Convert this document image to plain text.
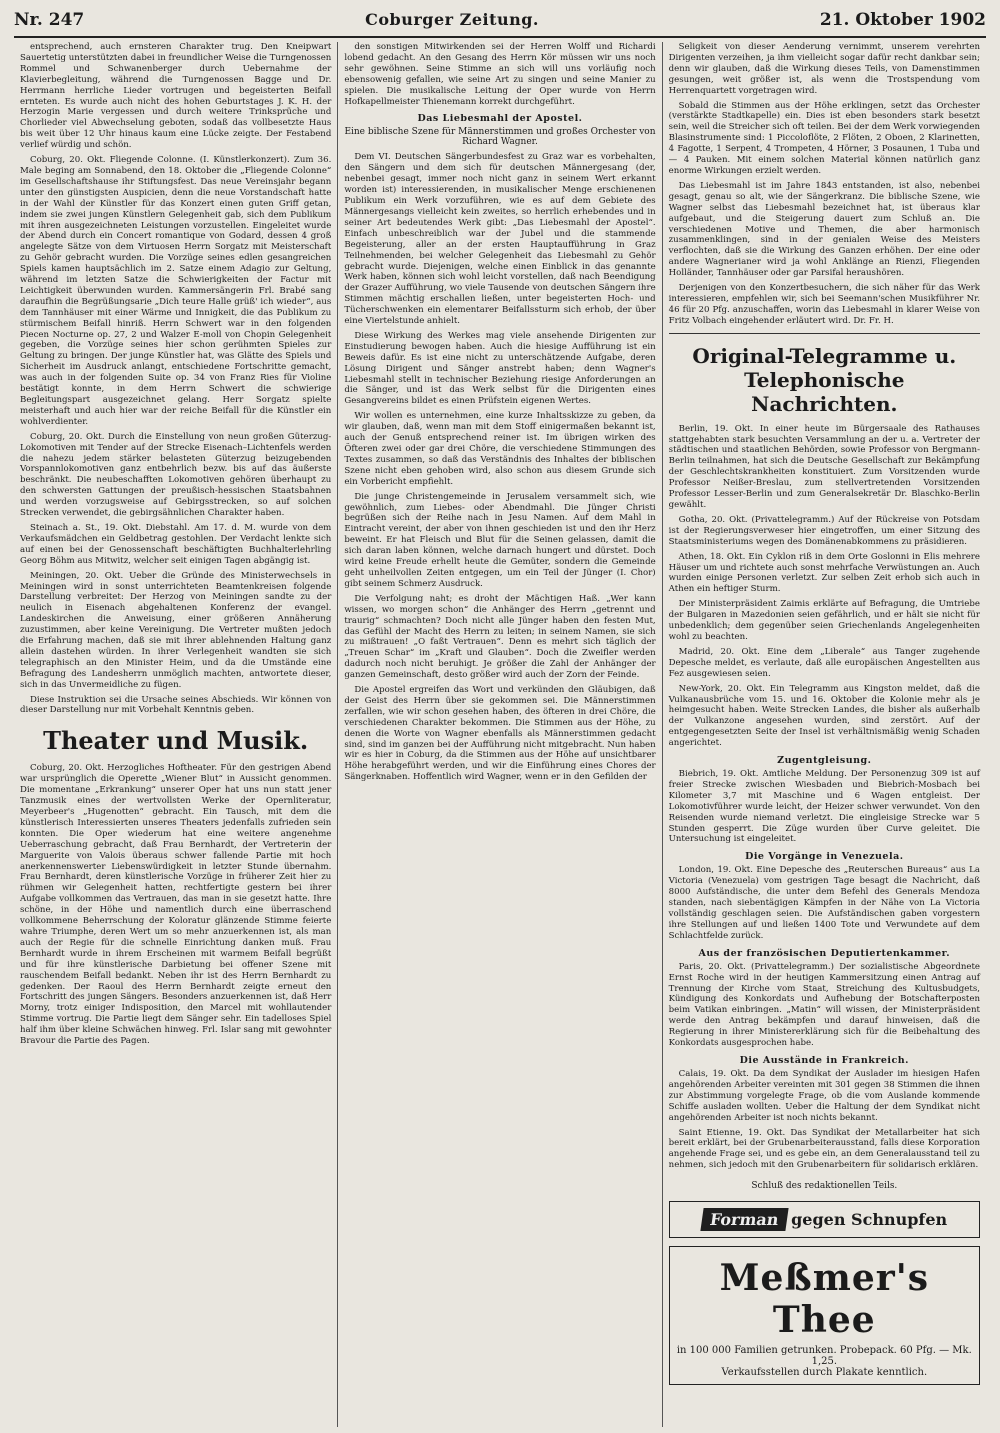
Nr. 247	Coburger Zeitung.	21. Oktober 1902

entsprechend, auch ernsteren Charakter trug. Den Kneipwart Sauertetig unterstützten dabei in freundlicher Weise die Turngenossen Rommel und Schwanenberger durch Uebernahme der Klavierbegleitung, während die Turngenossen Bagge und Dr. Herrmann herrliche Lieder vortrugen und begeisterten Beifall ernteten. Es wurde auch nicht des hohen Geburtstages J. K. H. der Herzogin Marie vergessen und durch weitere Trinksprüche und Chorlieder viel Abwechselung geboten, sodaß das vollbesetzte Haus bis weit über 12 Uhr hinaus kaum eine Lücke zeigte. Der Festabend verlief würdig und schön.

Coburg, 20. Okt. Fliegende Colonne. (I. Künstlerkonzert). Zum 36. Male beging am Sonnabend, den 18. Oktober die „Fliegende Colonne“ im Gesellschaftshause ihr Stiftungsfest. Das neue Vereinsjahr begann unter den günstigsten Auspicien, denn die neue Vorstandschaft hatte in der Wahl der Künstler für das Konzert einen guten Griff getan, indem sie zwei jungen Künstlern Gelegenheit gab, sich dem Publikum mit ihren ausgezeichneten Leistungen vorzustellen. Eingeleitet wurde der Abend durch ein Concert romantique von Godard, dessen 4 groß angelegte Sätze von dem Virtuosen Herrn Sorgatz mit Meisterschaft zu Gehör gebracht wurden. Die Vorzüge seines edlen gesangreichen Spiels kamen hauptsächlich im 2. Satze einem Adagio zur Geltung, während im letzten Satze die Schwierigkeiten der Factur mit Leichtigkeit überwunden wurden. Kammersängerin Frl. Brabé sang daraufhin die Begrüßungsarie „Dich teure Halle grüß' ich wieder“, aus dem Tannhäuser mit einer Wärme und Innigkeit, die das Publikum zu stürmischem Beifall hinriß. Herrn Schwert war in den folgenden Piecen Nocturne op. 27, 2 und Walzer E-moll von Chopin Gelegenheit gegeben, die Vorzüge seines hier schon gerühmten Spieles zur Geltung zu bringen. Der junge Künstler hat, was Glätte des Spiels und Sicherheit im Ausdruck anlangt, entschiedene Fortschritte gemacht, was auch in der folgenden Suite op. 34 von Franz Ries für Violine bestätigt konnte, in dem Herrn Schwert die schwierige Begleitungspart ausgezeichnet gelang. Herr Sorgatz spielte meisterhaft und auch hier war der reiche Beifall für die Künstler ein wohlverdienter.

Coburg, 20. Okt. Durch die Einstellung von neun großen Güterzug-Lokomotiven mit Tender auf der Strecke Eisenach–Lichtenfels werden die nahezu jedem stärker belasteten Güterzug beizugebenden Vorspannlokomotiven ganz entbehrlich bezw. bis auf das äußerste beschränkt. Die neubeschafften Lokomotiven gehören überhaupt zu den schwersten Gattungen der preußisch-hessischen Staatsbahnen und werden vorzugsweise auf Gebirgsstrecken, so auf solchen Strecken verwendet, die gebirgsähnlichen Charakter haben.

Steinach a. St., 19. Okt. Diebstahl. Am 17. d. M. wurde von dem Verkaufsmädchen ein Geldbetrag gestohlen. Der Verdacht lenkte sich auf einen bei der Genossenschaft beschäftigten Buchhalterlehrling Georg Böhm aus Mitwitz, welcher seit einigen Tagen abgängig ist.

Meiningen, 20. Okt. Ueber die Gründe des Ministerwechsels in Meiningen wird in sonst unterrichteten Beamtenkreisen folgende Darstellung verbreitet: Der Herzog von Meiningen sandte zu der neulich in Eisenach abgehaltenen Konferenz der evangel. Landeskirchen die Anweisung, einer größeren Annäherung zuzustimmen, aber keine Vereinigung. Die Vertreter mußten jedoch die Erfahrung machen, daß sie mit ihrer ablehnenden Haltung ganz allein dastehen würden. In ihrer Verlegenheit wandten sie sich telegraphisch an den Minister Heim, und da die Umstände eine Befragung des Landesherrn unmöglich machten, antwortete dieser, sich in das Unvermeidliche zu fügen.

Diese Instruktion sei die Ursache seines Abschieds. Wir können von dieser Darstellung nur mit Vorbehalt Kenntnis geben.

Theater und Musik.

Coburg, 20. Okt. Herzogliches Hoftheater. Für den gestrigen Abend war ursprünglich die Operette „Wiener Blut“ in Aussicht genommen. Die momentane „Erkrankung“ unserer Oper hat uns nun statt jener Tanzmusik eines der wertvollsten Werke der Opernliteratur, Meyerbeer's „Hugenotten“ gebracht. Ein Tausch, mit dem die künstlerisch Interessierten unseres Theaters jedenfalls zufrieden sein konnten. Die Oper wiederum hat eine weitere angenehme Ueberraschung gebracht, daß Frau Bernhardt, der Vertreterin der Marguerite von Valois überaus schwer fallende Partie mit hoch anerkennenswerter Liebenswürdigkeit in letzter Stunde übernahm. Frau Bernhardt, deren künstlerische Vorzüge in früherer Zeit hier zu rühmen wir Gelegenheit hatten, rechtfertigte gestern bei ihrer Aufgabe vollkommen das Vertrauen, das man in sie gesetzt hatte. Ihre schöne, in der Höhe und namentlich durch eine überraschend vollkommene Beherrschung der Koloratur glänzende Stimme feierte wahre Triumphe, deren Wert um so mehr anzuerkennen ist, als man auch der Regie für die schnelle Einrichtung danken muß. Frau Bernhardt wurde in ihrem Erscheinen mit warmem Beifall begrüßt und für ihre künstlerische Darbietung bei offener Szene mit rauschendem Beifall bedankt. Neben ihr ist des Herrn Bernhardt zu gedenken. Der Raoul des Herrn Bernhardt zeigte erneut den Fortschritt des jungen Sängers. Besonders anzuerkennen ist, daß Herr Morny, trotz einiger Indisposition, den Marcel mit wohllautender Stimme vortrug. Die Partie liegt dem Sänger sehr. Ein tadelloses Spiel half ihm über kleine Schwächen hinweg. Frl. Islar sang mit gewohnter Bravour die Partie des Pagen.

den sonstigen Mitwirkenden sei der Herren Wolff und Richardi lobend gedacht. An den Gesang des Herrn Kör müssen wir uns noch sehr gewöhnen. Seine Stimme an sich will uns vorläufig noch ebensowenig gefallen, wie seine Art zu singen und seine Manier zu spielen. Die musikalische Leitung der Oper wurde von Herrn Hofkapellmeister Thienemann korrekt durchgeführt.

Das Liebesmahl der Apostel.
Eine biblische Szene für Männerstimmen und großes Orchester von Richard Wagner.

Dem VI. Deutschen Sängerbundesfest zu Graz war es vorbehalten, den Sängern und dem sich für deutschen Männergesang (der, nebenbei gesagt, immer noch nicht ganz in seinem Wert erkannt worden ist) interessierenden, in musikalischer Menge erschienenen Publikum ein Werk vorzuführen, wie es auf dem Gebiete des Männergesangs vielleicht kein zweites, so herrlich erhebendes und in seiner Art bedeutendes Werk gibt: „Das Liebesmahl der Apostel“. Einfach unbeschreiblich war der Jubel und die stammende Begeisterung, aller an der ersten Hauptaufführung in Graz Teilnehmenden, bei welcher Gelegenheit das Liebesmahl zu Gehör gebracht wurde. Diejenigen, welche einen Einblick in das genannte Werk haben, können sich wohl leicht vorstellen, daß nach Beendigung der Grazer Aufführung, wo viele Tausende von deutschen Sängern ihre Stimmen mächtig erschallen ließen, unter begeisterten Hoch- und Tücherschwenken ein elementarer Beifallssturm sich erhob, der über eine Viertelstunde anhielt.

Diese Wirkung des Werkes mag viele ansehende Dirigenten zur Einstudierung bewogen haben. Auch die hiesige Aufführung ist ein Beweis dafür. Es ist eine nicht zu unterschätzende Aufgabe, deren Lösung Dirigent und Sänger anstrebt haben; denn Wagner's Liebesmahl stellt in technischer Beziehung riesige Anforderungen an die Sänger, und ist das Werk selbst für die Dirigenten eines Gesangvereins bildet es einen Prüfstein eigenen Wertes.

Wir wollen es unternehmen, eine kurze Inhaltsskizze zu geben, da wir glauben, daß, wenn man mit dem Stoff einigermaßen bekannt ist, auch der Genuß entsprechend reiner ist. Im übrigen wirken des Öfteren zwei oder gar drei Chöre, die verschiedene Stimmungen des Textes zusammen, so daß das Verständnis des Inhaltes der biblischen Szene nicht eben gehoben wird, also schon aus diesem Grunde sich ein Vorbericht empfiehlt.

Die junge Christengemeinde in Jerusalem versammelt sich, wie gewöhnlich, zum Liebes- oder Abendmahl. Die Jünger Christi begrüßen sich der Reihe nach in Jesu Namen. Auf dem Mahl in Eintracht vereint, der aber von ihnen geschieden ist und den ihr Herz beweint. Er hat Fleisch und Blut für die Seinen gelassen, damit die sich daran laben können, welche darnach hungert und dürstet. Doch wird keine Freude erhellt heute die Gemüter, sondern die Gemeinde geht unheilvollen Zeiten entgegen, um ein Teil der Jünger (I. Chor) gibt seinem Schmerz Ausdruck.

Die Verfolgung naht; es droht der Mächtigen Haß. „Wer kann wissen, wo morgen schon“ die Anhänger des Herrn „getrennt und traurig“ schmachten? Doch nicht alle Jünger haben den festen Mut, das Gefühl der Macht des Herrn zu leiten; in seinem Namen, sie sich zu mißtrauen! „O faßt Vertrauen“. Denn es mehrt sich täglich der „Treuen Schar“ im „Kraft und Glauben“. Doch die Zweifler werden dadurch noch nicht beruhigt. Je größer die Zahl der Anhänger der ganzen Gemeinschaft, desto größer wird auch der Zorn der Feinde.

Die Apostel ergreifen das Wort und verkünden den Gläubigen, daß der Geist des Herrn über sie gekommen sei. Die Männerstimmen zerfallen, wie wir schon gesehen haben, des öfteren in drei Chöre, die verschiedenen Charakter bekommen. Die Stimmen aus der Höhe, zu denen die Worte von Wagner ebenfalls als Männerstimmen gedacht sind, sind im ganzen bei der Aufführung nicht mitgebracht. Nun haben wir es hier in Coburg, da die Stimmen aus der Höhe auf unsichtbarer Höhe herabgeführt werden, und wir die Einführung eines Chores der Sängerknaben. Hoffentlich wird Wagner, wenn er in den Gefilden der

Seligkeit von dieser Aenderung vernimmt, unserem verehrten Dirigenten verzeihen, ja ihm vielleicht sogar dafür recht dankbar sein; denn wir glauben, daß die Wirkung dieses Teils, von Damenstimmen gesungen, weit größer ist, als wenn die Trostspendung vom Herrenquartett vorgetragen wird.

Sobald die Stimmen aus der Höhe erklingen, setzt das Orchester (verstärkte Stadtkapelle) ein. Dies ist eben besonders stark besetzt sein, weil die Streicher sich oft teilen. Bei der dem Werk vorwiegenden Blasinstrumente sind: 1 Piccoloflöte, 2 Flöten, 2 Oboen, 2 Klarinetten, 4 Fagotte, 1 Serpent, 4 Trompeten, 4 Hörner, 3 Posaunen, 1 Tuba und — 4 Pauken. Mit einem solchen Material können natürlich ganz enorme Wirkungen erzielt werden.

Das Liebesmahl ist im Jahre 1843 entstanden, ist also, nebenbei gesagt, genau so alt, wie der Sängerkranz. Die biblische Szene, wie Wagner selbst das Liebesmahl bezeichnet hat, ist überaus klar aufgebaut, und die Steigerung dauert zum Schluß an. Die verschiedenen Motive und Themen, die aber harmonisch zusammenklingen, sind in der genialen Weise des Meisters verflochten, daß sie die Wirkung des Ganzen erhöhen. Der eine oder andere Wagnerianer wird ja wohl Anklänge an Rienzi, Fliegenden Holländer, Tannhäuser oder gar Parsifal heraushören.

Derjenigen von den Konzertbesuchern, die sich näher für das Werk interessieren, empfehlen wir, sich bei Seemann'schen Musikführer Nr. 46 für 20 Pfg. anzuschaffen, worin das Liebesmahl in klarer Weise von Fritz Volbach eingehender erläutert wird. Dr. Fr. H.

Original-Telegramme u. Telephonische Nachrichten.

Berlin, 19. Okt. In einer heute im Bürgersaale des Rathauses stattgehabten stark besuchten Versammlung an der u. a. Vertreter der städtischen und staatlichen Behörden, sowie Professor von Bergmann-Berlin teilnahmen, hat sich die Deutsche Gesellschaft zur Bekämpfung der Geschlechtskrankheiten konstituiert. Zum Vorsitzenden wurde Professor Neißer-Breslau, zum stellvertretenden Vorsitzenden Professor Lesser-Berlin und zum Generalsekretär Dr. Blaschko-Berlin gewählt.

Gotha, 20. Okt. (Privattelegramm.) Auf der Rückreise von Potsdam ist der Regierungsverweser hier eingetroffen, um einer Sitzung des Staatsministeriums wegen des Domänenabkommens zu präsidieren.

Athen, 18. Okt. Ein Cyklon riß in dem Orte Goslonni in Elis mehrere Häuser um und richtete auch sonst mehrfache Verwüstungen an. Auch wurden einige Personen verletzt. Zur selben Zeit erhob sich auch in Athen ein heftiger Sturm.

Der Ministerpräsident Zaimis erklärte auf Befragung, die Umtriebe der Bulgaren in Mazedonien seien gefährlich, und er hält sie nicht für unbedenklich; dem gegenüber seien Griechenlands Angelegenheiten wohl zu beachten.

Madrid, 20. Okt. Eine dem „Liberale“ aus Tanger zugehende Depesche meldet, es verlaute, daß alle europäischen Angestellten aus Fez ausgewiesen seien.

New-York, 20. Okt. Ein Telegramm aus Kingston meldet, daß die Vulkanausbrüche vom 15. und 16. Oktober die Kolonie mehr als je heimgesucht haben. Weite Strecken Landes, die bisher als außerhalb der Vulkanzone angesehen wurden, sind zerstört. Auf der entgegengesetzten Seite der Insel ist verhältnismäßig wenig Schaden angerichtet.

Zugentgleisung.

Biebrich, 19. Okt. Amtliche Meldung. Der Personenzug 309 ist auf freier Strecke zwischen Wiesbaden und Biebrich-Mosbach bei Kilometer 3,7 mit Maschine und 6 Wagen entgleist. Der Lokomotivführer wurde leicht, der Heizer schwer verwundet. Von den Reisenden wurde niemand verletzt. Die eingleisige Strecke war 5 Stunden gesperrt. Die Züge wurden über Curve geleitet. Die Untersuchung ist eingeleitet.

Die Vorgänge in Venezuela.

London, 19. Okt. Eine Depesche des „Reuterschen Bureaus“ aus La Victoria (Venezuela) vom gestrigen Tage besagt die Nachricht, daß 8000 Aufständische, die unter dem Befehl des Generals Mendoza standen, nach siebentägigen Kämpfen in der Nähe von La Victoria vollständig geschlagen seien. Die Aufständischen gaben vorgestern ihre Stellungen auf und ließen 1400 Tote und Verwundete auf dem Schlachtfelde zurück.

Aus der französischen Deputiertenkammer.

Paris, 20. Okt. (Privattelegramm.) Der sozialistische Abgeordnete Ernst Roche wird in der heutigen Kammersitzung einen Antrag auf Trennung der Kirche vom Staat, Streichung des Kultusbudgets, Kündigung des Konkordats und Aufhebung der Botschafterposten beim Vatikan einbringen. „Matin“ will wissen, der Ministerpräsident werde den Antrag bekämpfen und darauf hinweisen, daß die Regierung in ihrer Ministererklärung sich für die Beibehaltung des Konkordats ausgesprochen habe.

Die Ausstände in Frankreich.

Calais, 19. Okt. Da dem Syndikat der Auslader im hiesigen Hafen angehörenden Arbeiter vereinten mit 301 gegen 38 Stimmen die ihnen zur Abstimmung vorgelegte Frage, ob die vom Auslande kommende Schiffe ausladen wollten. Ueber die Haltung der dem Syndikat nicht angehörenden Arbeiter ist noch nichts bekannt.

Saint Etienne, 19. Okt. Das Syndikat der Metallarbeiter hat sich bereit erklärt, bei der Grubenarbeiterausstand, falls diese Korporation angehende Frage sei, und es gebe ein, an dem Generalausstand teil zu nehmen, sich jedoch mit den Grubenarbeitern für solidarisch erklären.

Schluß des redaktionellen Teils.
Forman gegen Schnupfen
Meßmer's Thee
in 100 000 Familien getrunken. Probepack. 60 Pfg. — Mk. 1,25.
Verkaufsstellen durch Plakate kenntlich.
